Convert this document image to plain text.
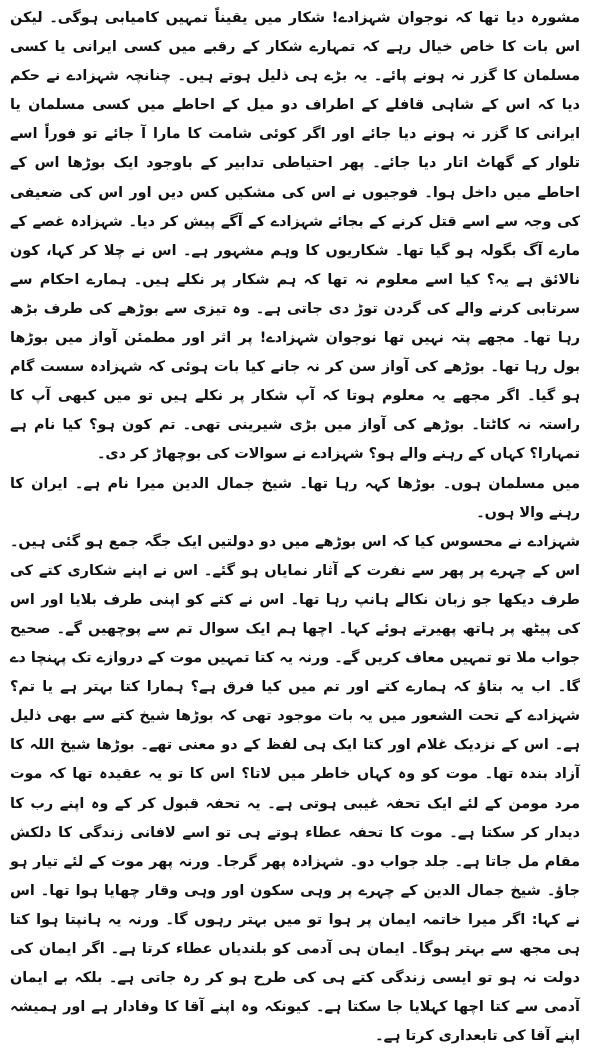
مشورہ دیا تھا کہ نوجوان شہزادے! شکار میں یقیناً تمہیں کامیابی ہوگی۔ لیکن اس بات کا خاص خیال رہے کہ تمہارے شکار کے رقبے میں کسی ایرانی یا کسی مسلمان کا گزر نہ ہونے پائے۔ یہ بڑے ہی ذلیل ہوتے ہیں۔ چنانچہ شہزادے نے حکم دیا کہ اس کے شاہی قافلے کے اطراف دو میل کے احاطے میں کسی مسلمان یا ایرانی کا گزر نہ ہونے دیا جائے اور اگر کوئی شامت کا مارا آ جائے تو فوراً اسے تلوار کے گھاٹ اتار دیا جائے۔ پھر احتیاطی تدابیر کے باوجود ایک بوڑھا اس کے احاطے میں داخل ہوا۔ فوجیوں نے اس کی مشکیں کس دیں اور اس کی ضعیفی کی وجہ سے اسے قتل کرنے کے بجائے شہزادے کے آگے پیش کر دیا۔ شہزادہ غصے کے مارے آگ بگولہ ہو گیا تھا۔ شکاریوں کا وہم مشہور ہے۔ اس نے چلا کر کہا، کون نالائق ہے یہ؟ کیا اسے معلوم نہ تھا کہ ہم شکار پر نکلے ہیں۔ ہمارے احکام سے سرتابی کرنے والے کی گردن توڑ دی جاتی ہے۔ وہ تیزی سے بوڑھے کی طرف بڑھ رہا تھا۔ مجھے پتہ نہیں تھا نوجوان شہزادے! پر اثر اور مطمئن آواز میں بوڑھا بول رہا تھا۔ بوڑھے کی آواز سن کر نہ جانے کیا بات ہوئی کہ شہزادہ سست گام ہو گیا۔ اگر مجھے یہ معلوم ہوتا کہ آپ شکار پر نکلے ہیں تو میں کبھی آپ کا راستہ نہ کاٹتا۔ بوڑھے کی آواز میں بڑی شیرینی تھی۔ تم کون ہو؟ کیا نام ہے تمہارا؟ کہاں کے رہنے والے ہو؟ شہزادے نے سوالات کی بوچھاڑ کر دی۔

میں مسلمان ہوں۔ بوڑھا کہہ رہا تھا۔ شیخ جمال الدین میرا نام ہے۔ ایران کا رہنے والا ہوں۔

شہزادے نے محسوس کیا کہ اس بوڑھے میں دو دولتیں ایک جگہ جمع ہو گئی ہیں۔ اس کے چہرے پر پھر سے نفرت کے آثار نمایاں ہو گئے۔ اس نے اپنے شکاری کتے کی طرف دیکھا جو زبان نکالے ہانپ رہا تھا۔ اس نے کتے کو اپنی طرف بلایا اور اس کی پیٹھ پر ہاتھ پھیرتے ہوئے کہا۔ اچھا ہم ایک سوال تم سے پوچھیں گے۔ صحیح جواب ملا تو تمہیں معاف کریں گے۔ ورنہ یہ کتا تمہیں موت کے دروازے تک پہنچا دے گا۔ اب یہ بتاؤ کہ ہمارے کتے اور تم میں کیا فرق ہے؟ ہمارا کتا بہتر ہے یا تم؟ شہزادے کے تحت الشعور میں یہ بات موجود تھی کہ بوڑھا شیخ کتے سے بھی ذلیل ہے۔ اس کے نزدیک غلام اور کتا ایک ہی لفظ کے دو معنی تھے۔ بوڑھا شیخ اللہ کا آزاد بندہ تھا۔ موت کو وہ کہاں خاطر میں لاتا؟ اس کا تو یہ عقیدہ تھا کہ موت مرد مومن کے لئے ایک تحفہ غیبی ہوتی ہے۔ یہ تحفہ قبول کر کے وہ اپنے رب کا دیدار کر سکتا ہے۔ موت کا تحفہ عطاء ہوتے ہی تو اسے لافانی زندگی کا دلکش مقام مل جاتا ہے۔ جلد جواب دو۔ شہزادہ پھر گرجا۔ ورنہ پھر موت کے لئے تیار ہو جاؤ۔ شیخ جمال الدین کے چہرے پر وہی سکون اور وہی وقار چھایا ہوا تھا۔ اس نے کہا: اگر میرا خاتمہ ایمان پر ہوا تو میں بہتر رہوں گا۔ ورنہ یہ ہانپتا ہوا کتا ہی مجھ سے بہتر ہوگا۔ ایمان ہی آدمی کو بلندیاں عطاء کرتا ہے۔ اگر ایمان کی دولت نہ ہو تو ایسی زندگی کتے ہی کی طرح ہو کر رہ جاتی ہے۔ بلکہ بے ایمان آدمی سے کتا اچھا کہلایا جا سکتا ہے۔ کیونکہ وہ اپنے آقا کا وفادار ہے اور ہمیشہ اپنے آقا کی تابعداری کرتا ہے۔
